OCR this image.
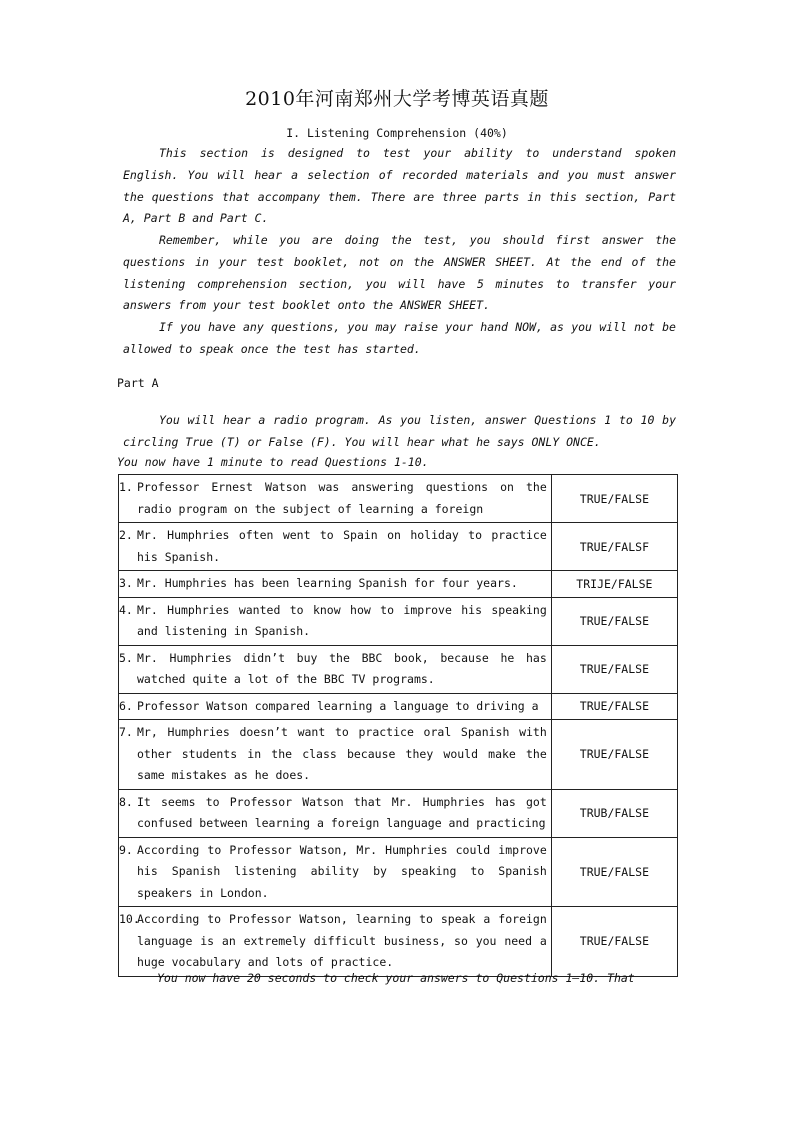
2010年河南郑州大学考博英语真题
I. Listening Comprehension (40%)

This section is designed to test your ability to understand spoken English. You will hear a selection of recorded materials and you must answer the questions that accompany them. There are three parts in this section, Part A, Part B and Part C.

Remember, while you are doing the test, you should first answer the questions in your test booklet, not on the ANSWER SHEET. At the end of the listening comprehension section, you will have 5 minutes to transfer your answers from your test booklet onto the ANSWER SHEET.

If you have any questions, you may raise your hand NOW, as you will not be allowed to speak once the test has started.

Part A

You will hear a radio program. As you listen, answer Questions 1 to 10 by circling True (T) or False (F). You will hear what he says ONLY ONCE.

You now have 1 minute to read Questions 1-10.
1. Professor Ernest Watson was answering questions on the radio program on the subject of learning a foreign	TRUE/FALSE

2. Mr. Humphries often went to Spain on holiday to practice his Spanish.	TRUE/FALSF

3. Mr. Humphries has been learning Spanish for four years.	TRIJE/FALSE

4. Mr. Humphries wanted to know how to improve his speaking and listening in Spanish.	TRUE/FALSE

5. Mr. Humphries didn’t buy the BBC book, because he has watched quite a lot of the BBC TV programs.	TRUE/FALSE

6. Professor Watson compared learning a language to driving a	TRUE/FALSE

7. Mr, Humphries doesn’t want to practice oral Spanish with other students in the class because they would make the same mistakes as he does.	TRUE/FALSE

8. It seems to Professor Watson that Mr. Humphries has got confused between learning a foreign language and practicing	TRUB/FALSE

9. According to Professor Watson, Mr. Humphries could improve his Spanish listening ability by speaking to Spanish speakers in London.	TRUE/FALSE

10.
According to Professor Watson, learning to speak a foreign language is an extremely difficult business, so you need a huge vocabulary and lots of practice.	TRUE/FALSE
You now have 20 seconds to check your answers to Questions 1—10. That
